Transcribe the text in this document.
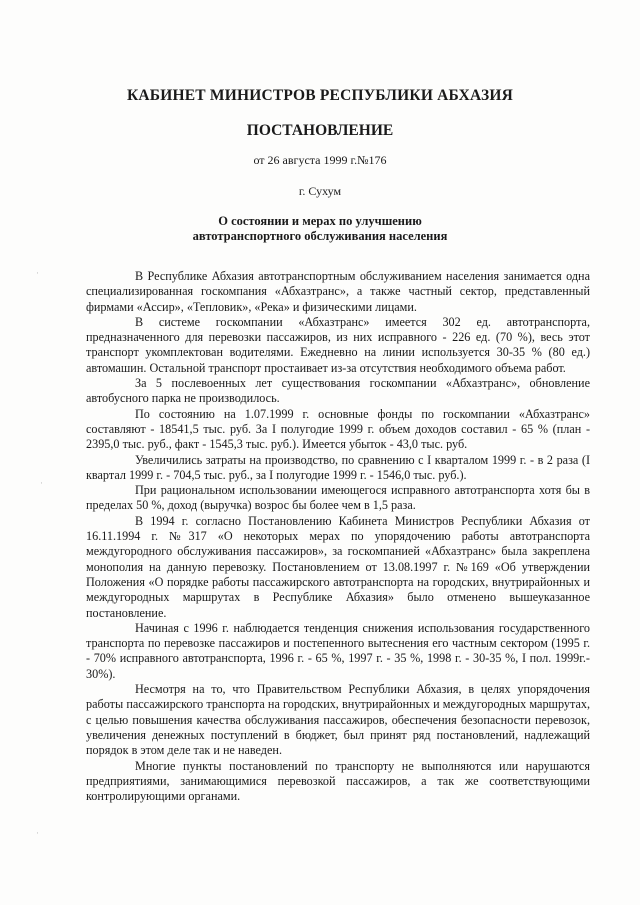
КАБИНЕТ МИНИСТРОВ РЕСПУБЛИКИ АБХАЗИЯ
ПОСТАНОВЛЕНИЕ
от 26 августа 1999 г.№176
г. Сухум
О состоянии и мерах по улучшению
автотранспортного обслуживания населения

В Республике Абхазия автотранспортным обслуживанием населения занимается одна специализированная госкомпания «Абхазтранс», а также частный сектор, представленный фирмами «Ассир», «Тепловик», «Река» и физическими лицами.

В системе госкомпании «Абхазтранс» имеется 302 ед. автотранспорта, предназначенного для перевозки пассажиров, из них исправного - 226 ед. (70 %), весь этот транспорт укомплектован водителями. Ежедневно на линии используется 30-35 % (80 ед.) автомашин. Остальной транспорт простаивает из-за отсутствия необходимого объема работ.

За 5 послевоенных лет существования госкомпании «Абхазтранс», обновление автобусного парка не производилось.

По состоянию на 1.07.1999 г. основные фонды по госкомпании «Абхазтранс» составляют - 18541,5 тыс. руб. За I полугодие 1999 г. объем доходов составил - 65 % (план - 2395,0 тыс. руб., факт - 1545,3 тыс. руб.). Имеется убыток - 43,0 тыс. руб.

Увеличились затраты на производство, по сравнению с I кварталом 1999 г. - в 2 раза (I квартал 1999 г. - 704,5 тыс. руб., за I полугодие 1999 г. - 1546,0 тыс. руб.).

При рациональном использовании имеющегося исправного автотранспорта хотя бы в пределах 50 %, доход (выручка) возрос бы более чем в 1,5 раза.

В 1994 г. согласно Постановлению Кабинета Министров Республики Абхазия от 16.11.1994 г. №317 «О некоторых мерах по упорядочению работы автотранспорта междугородного обслуживания пассажиров», за госкомпанией «Абхазтранс» была закреплена монополия на данную перевозку. Постановлением от 13.08.1997 г. №169 «Об утверждении Положения «О порядке работы пассажирского автотранспорта на городских, внутрирайонных и междугородных маршрутах в Республике Абхазия» было отменено вышеуказанное постановление.

Начиная с 1996 г. наблюдается тенденция снижения использования государственного транспорта по перевозке пассажиров и постепенного вытеснения его частным сектором (1995 г. - 70% исправного автотранспорта, 1996 г. - 65 %, 1997 г. - 35 %, 1998 г. - 30-35 %, I пол. 1999г.- 30%).

Несмотря на то, что Правительством Республики Абхазия, в целях упорядочения работы пассажирского транспорта на городских, внутрирайонных и междугородных маршрутах, с целью повышения качества обслуживания пассажиров, обеспечения безопасности перевозок, увеличения денежных поступлений в бюджет, был принят ряд постановлений, надлежащий порядок в этом деле так и не наведен.

Многие пункты постановлений по транспорту не выполняются или нарушаются предприятиями, занимающимися перевозкой пассажиров, а так же соответствующими контролирующими органами.

·
·
·
